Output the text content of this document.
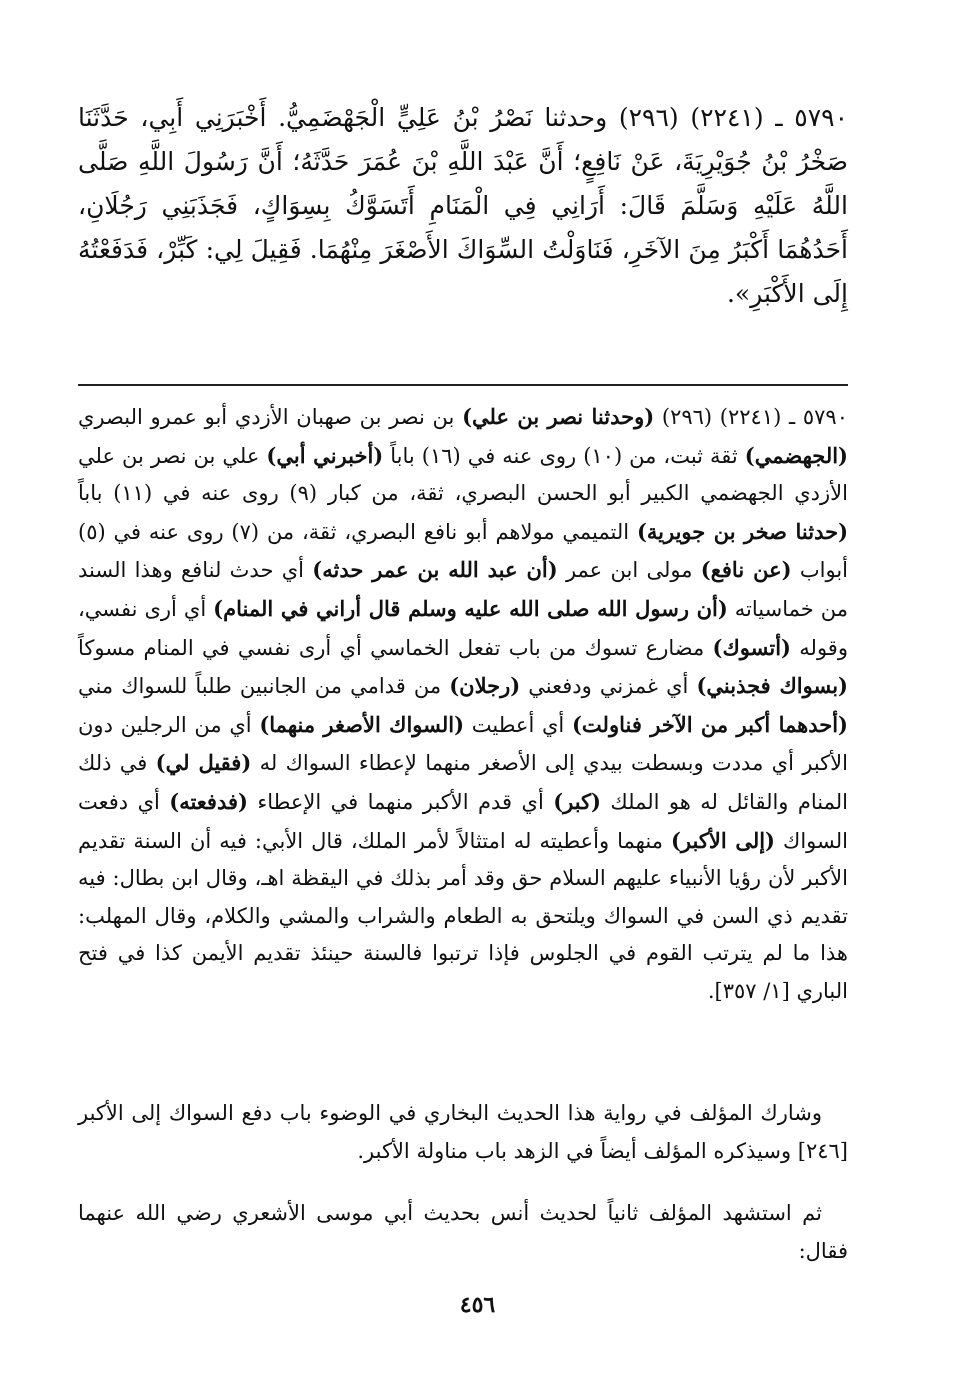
٥٧٩٠ ـ (٢٢٤١) (٢٩٦) وحدثنا نَصْرُ بْنُ عَلِيٍّ الْجَهْضَمِيُّ. أَخْبَرَنِي أَبِي، حَدَّثَنَا صَخْرُ بْنُ جُوَيْرِيَةَ، عَنْ نَافِعٍ؛ أَنَّ عَبْدَ اللَّهِ بْنَ عُمَرَ حَدَّثَهُ؛ أَنَّ رَسُولَ اللَّهِ صَلَّى اللَّهُ عَلَيْهِ وَسَلَّمَ قَالَ: أَرَانِي فِي الْمَنَامِ أَتَسَوَّكُ بِسِوَاكٍ، فَجَذَبَنِي رَجُلَانِ، أَحَدُهُمَا أَكْبَرُ مِنَ الآخَرِ، فَنَاوَلْتُ السِّوَاكَ الأَصْغَرَ مِنْهُمَا. فَقِيلَ لِي: كَبِّرْ، فَدَفَعْتُهُ إِلَى الأَكْبَرِ».
٥٧٩٠ ـ (٢٢٤١) (٢٩٦) (وحدثنا نصر بن علي) بن نصر بن صهبان الأزدي أبو عمرو البصري (الجهضمي) ثقة ثبت، من (١٠) روى عنه في (١٦) باباً (أخبرني أبي) علي بن نصر بن علي الأزدي الجهضمي الكبير أبو الحسن البصري، ثقة، من كبار (٩) روى عنه في (١١) باباً (حدثنا صخر بن جويرية) التميمي مولاهم أبو نافع البصري، ثقة، من (٧) روى عنه في (٥) أبواب (عن نافع) مولى ابن عمر (أن عبد الله بن عمر حدثه) أي حدث لنافع وهذا السند من خماسياته (أن رسول الله صلى الله عليه وسلم قال أراني في المنام) أي أرى نفسي، وقوله (أتسوك) مضارع تسوك من باب تفعل الخماسي أي أرى نفسي في المنام مسوكاً (بسواك فجذبني) أي غمزني ودفعني (رجلان) من قدامي من الجانبين طلباً للسواك مني (أحدهما أكبر من الآخر فناولت) أي أعطيت (السواك الأصغر منهما) أي من الرجلين دون الأكبر أي مددت وبسطت بيدي إلى الأصغر منهما لإعطاء السواك له (فقيل لي) في ذلك المنام والقائل له هو الملك (كبر) أي قدم الأكبر منهما في الإعطاء (فدفعته) أي دفعت السواك (إلى الأكبر) منهما وأعطيته له امتثالاً لأمر الملك، قال الأبي: فيه أن السنة تقديم الأكبر لأن رؤيا الأنبياء عليهم السلام حق وقد أمر بذلك في اليقظة اهـ، وقال ابن بطال: فيه تقديم ذي السن في السواك ويلتحق به الطعام والشراب والمشي والكلام، وقال المهلب: هذا ما لم يترتب القوم في الجلوس فإذا ترتبوا فالسنة حينئذ تقديم الأيمن كذا في فتح الباري [١/ ٣٥٧].
وشارك المؤلف في رواية هذا الحديث البخاري في الوضوء باب دفع السواك إلى الأكبر [٢٤٦] وسيذكره المؤلف أيضاً في الزهد باب مناولة الأكبر.
ثم استشهد المؤلف ثانياً لحديث أنس بحديث أبي موسى الأشعري رضي الله عنهما فقال:
٤٥٦
